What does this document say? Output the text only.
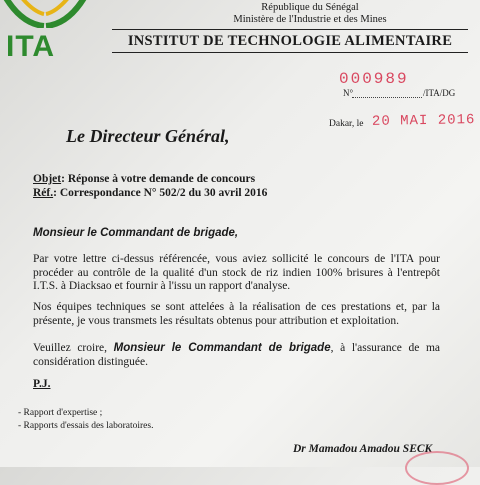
ITA
République du Sénégal
Ministère de l'Industrie et des Mines
INSTITUT DE TECHNOLOGIE ALIMENTAIRE
000989
N°	/ITA/DG
Dakar, le 20 MAI 2016
Le Directeur Général,
Objet: Réponse à votre demande de concours
Réf.: Correspondance N° 502/2 du 30 avril 2016
Monsieur le Commandant de brigade,
Par votre lettre ci-dessus référencée, vous aviez sollicité le concours de l'ITA pour procéder au contrôle de la qualité d'un stock de riz indien 100% brisures à l'entrepôt I.T.S. à Diacksao et fournir à l'issu un rapport d'analyse.
Nos équipes techniques se sont attelées à la réalisation de ces prestations et, par la présente, je vous transmets les résultats obtenus pour attribution et exploitation.
Veuillez croire, Monsieur le Commandant de brigade, à l'assurance de ma considération distinguée.
P.J.
- Rapport d'expertise ;
- Rapports d'essais des laboratoires.
Dr Mamadou Amadou SECK
